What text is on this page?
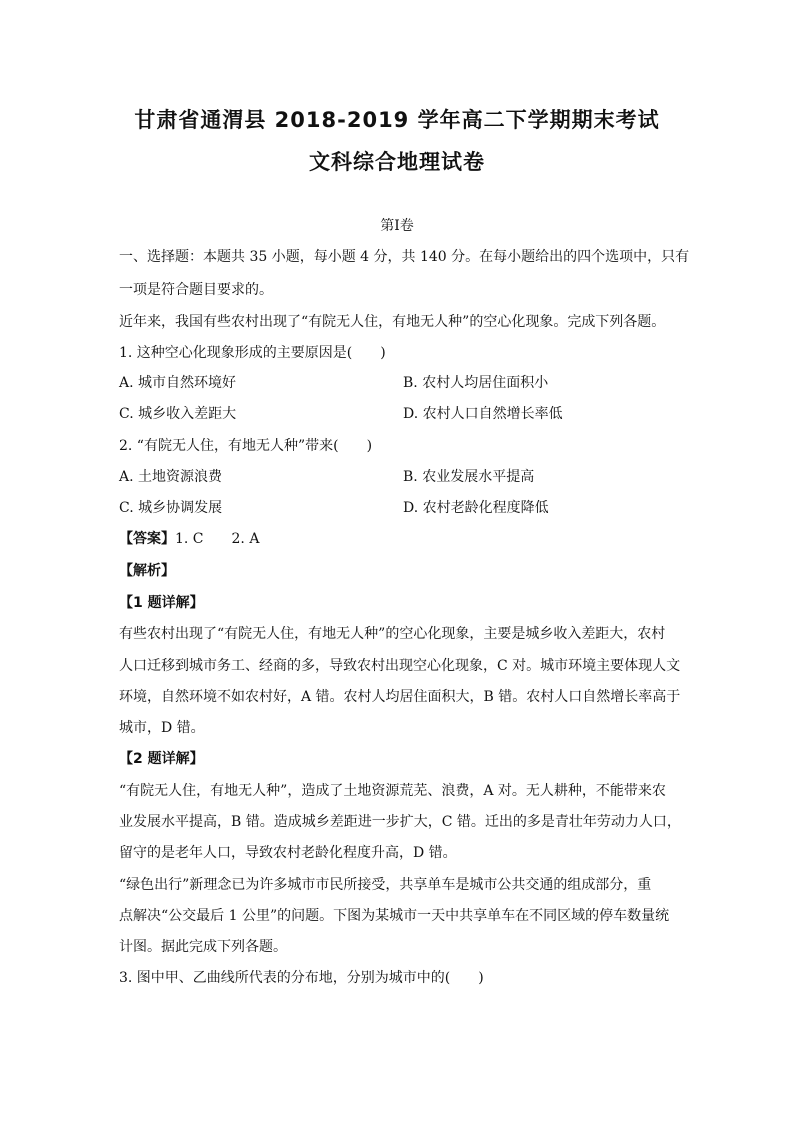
甘肃省通渭县 2018-2019 学年高二下学期期末考试
文科综合地理试卷
第Ⅰ卷
一、选择题：本题共 35 小题，每小题 4 分，共 140 分。在每小题给出的四个选项中，只有
一项是符合题目要求的。
近年来，我国有些农村出现了“有院无人住，有地无人种”的空心化现象。完成下列各题。
1. 这种空心化现象形成的主要原因是(　　)
A. 城市自然环境好	B. 农村人均居住面积小
C. 城乡收入差距大	D. 农村人口自然增长率低
2. “有院无人住，有地无人种”带来(　　)
A. 土地资源浪费	B. 农业发展水平提高
C. 城乡协调发展	D. 农村老龄化程度降低
【答案】1. C　　2. A
【解析】
【1 题详解】
有些农村出现了“有院无人住，有地无人种”的空心化现象，主要是城乡收入差距大，农村
人口迁移到城市务工、经商的多，导致农村出现空心化现象，C 对。城市环境主要体现人文
环境，自然环境不如农村好，A 错。农村人均居住面积大，B 错。农村人口自然增长率高于
城市，D 错。
【2 题详解】
“有院无人住，有地无人种”，造成了土地资源荒芜、浪费，A 对。无人耕种，不能带来农
业发展水平提高，B 错。造成城乡差距进一步扩大，C 错。迁出的多是青壮年劳动力人口，
留守的是老年人口，导致农村老龄化程度升高，D 错。
“绿色出行”新理念已为许多城市市民所接受，共享单车是城市公共交通的组成部分，重
点解决“公交最后 1 公里”的问题。下图为某城市一天中共享单车在不同区域的停车数量统
计图。据此完成下列各题。
3. 图中甲、乙曲线所代表的分布地，分别为城市中的(　　)
